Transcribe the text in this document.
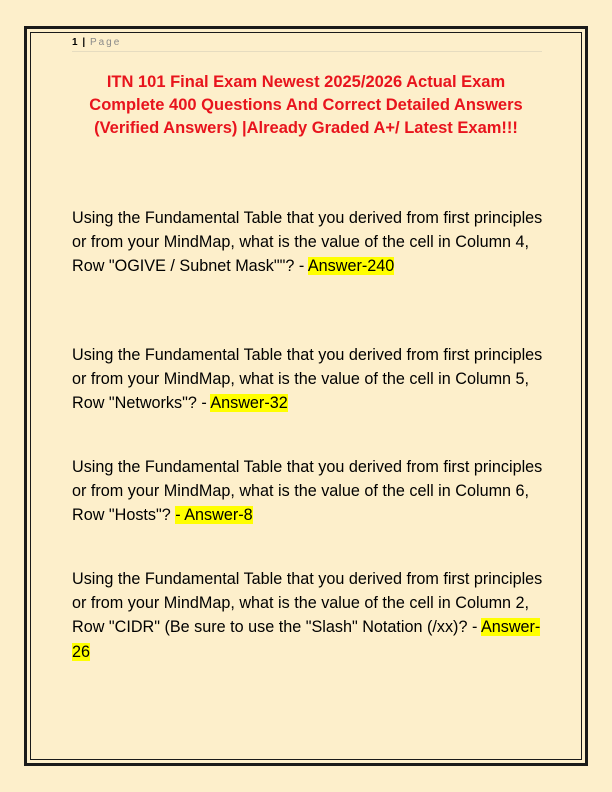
1 | Page
ITN 101 Final Exam Newest 2025/2026 Actual Exam Complete 400 Questions And Correct Detailed Answers (Verified Answers) |Already Graded A+/ Latest Exam!!!

Using the Fundamental Table that you derived from first principles or from your MindMap, what is the value of the cell in Column 4, Row "OGIVE / Subnet Mask""? - Answer-240

Using the Fundamental Table that you derived from first principles or from your MindMap, what is the value of the cell in Column 5, Row "Networks"? - Answer-32

Using the Fundamental Table that you derived from first principles or from your MindMap, what is the value of the cell in Column 6, Row "Hosts"? - Answer-8

Using the Fundamental Table that you derived from first principles or from your MindMap, what is the value of the cell in Column 2, Row "CIDR" (Be sure to use the "Slash" Notation (/xx)? - Answer-26
